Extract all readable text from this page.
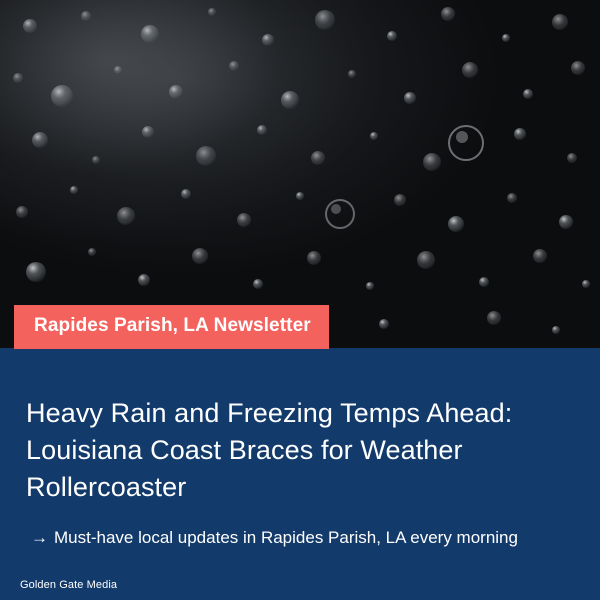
Rapides Parish, LA Newsletter
Heavy Rain and Freezing Temps Ahead: Louisiana Coast Braces for Weather Rollercoaster
→ Must-have local updates in Rapides Parish, LA every morning
Golden Gate Media
